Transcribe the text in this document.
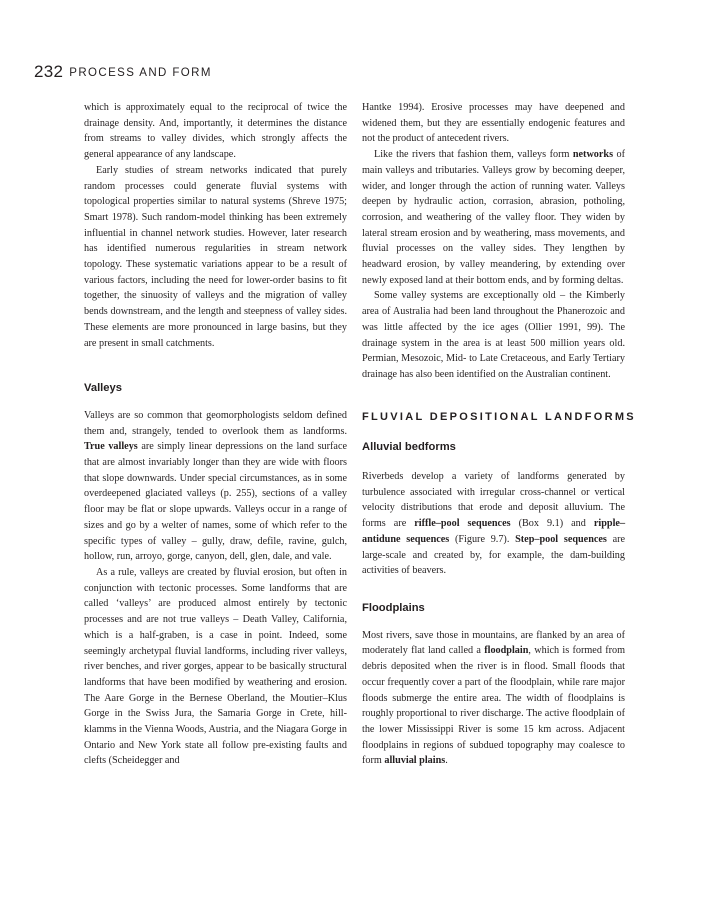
232 PROCESS AND FORM

which is approximately equal to the reciprocal of twice the drainage density. And, importantly, it determines the distance from streams to valley divides, which strongly affects the general appearance of any landscape.

Early studies of stream networks indicated that purely random processes could generate fluvial systems with topological properties similar to natural systems (Shreve 1975; Smart 1978). Such random-model thinking has been extremely influential in channel network studies. However, later research has identified numerous regularities in stream network topology. These systematic variations appear to be a result of various factors, including the need for lower-order basins to fit together, the sinuosity of valleys and the migration of valley bends downstream, and the length and steepness of valley sides. These elements are more pronounced in large basins, but they are present in small catchments.

Valleys

Valleys are so common that geomorphologists seldom defined them and, strangely, tended to overlook them as landforms. True valleys are simply linear depressions on the land surface that are almost invariably longer than they are wide with floors that slope downwards. Under special circumstances, as in some overdeepened glaciated valleys (p. 255), sections of a valley floor may be flat or slope upwards. Valleys occur in a range of sizes and go by a welter of names, some of which refer to the specific types of valley – gully, draw, defile, ravine, gulch, hollow, run, arroyo, gorge, canyon, dell, glen, dale, and vale.

As a rule, valleys are created by fluvial erosion, but often in conjunction with tectonic processes. Some landforms that are called ‘valleys’ are produced almost entirely by tectonic processes and are not true valleys – Death Valley, California, which is a half-graben, is a case in point. Indeed, some seemingly archetypal fluvial landforms, including river valleys, river benches, and river gorges, appear to be basically structural landforms that have been modified by weathering and erosion. The Aare Gorge in the Bernese Oberland, the Moutier–Klus Gorge in the Swiss Jura, the Samaria Gorge in Crete, hill-klamms in the Vienna Woods, Austria, and the Niagara Gorge in Ontario and New York state all follow pre-existing faults and clefts (Scheidegger and

Hantke 1994). Erosive processes may have deepened and widened them, but they are essentially endogenic features and not the product of antecedent rivers.

Like the rivers that fashion them, valleys form networks of main valleys and tributaries. Valleys grow by becoming deeper, wider, and longer through the action of running water. Valleys deepen by hydraulic action, corrasion, abrasion, potholing, corrosion, and weathering of the valley floor. They widen by lateral stream erosion and by weathering, mass movements, and fluvial processes on the valley sides. They lengthen by headward erosion, by valley meandering, by extending over newly exposed land at their bottom ends, and by forming deltas.

Some valley systems are exceptionally old – the Kimberly area of Australia had been land throughout the Phanerozoic and was little affected by the ice ages (Ollier 1991, 99). The drainage system in the area is at least 500 million years old. Permian, Mesozoic, Mid- to Late Cretaceous, and Early Tertiary drainage has also been identified on the Australian continent.

FLUVIAL DEPOSITIONAL LANDFORMS
Alluvial bedforms

Riverbeds develop a variety of landforms generated by turbulence associated with irregular cross-channel or vertical velocity distributions that erode and deposit alluvium. The forms are riffle–pool sequences (Box 9.1) and ripple–antidune sequences (Figure 9.7). Step–pool sequences are large-scale and created by, for example, the dam-building activities of beavers.

Floodplains

Most rivers, save those in mountains, are flanked by an area of moderately flat land called a floodplain, which is formed from debris deposited when the river is in flood. Small floods that occur frequently cover a part of the floodplain, while rare major floods submerge the entire area. The width of floodplains is roughly proportional to river discharge. The active floodplain of the lower Mississippi River is some 15 km across. Adjacent floodplains in regions of subdued topography may coalesce to form alluvial plains.
